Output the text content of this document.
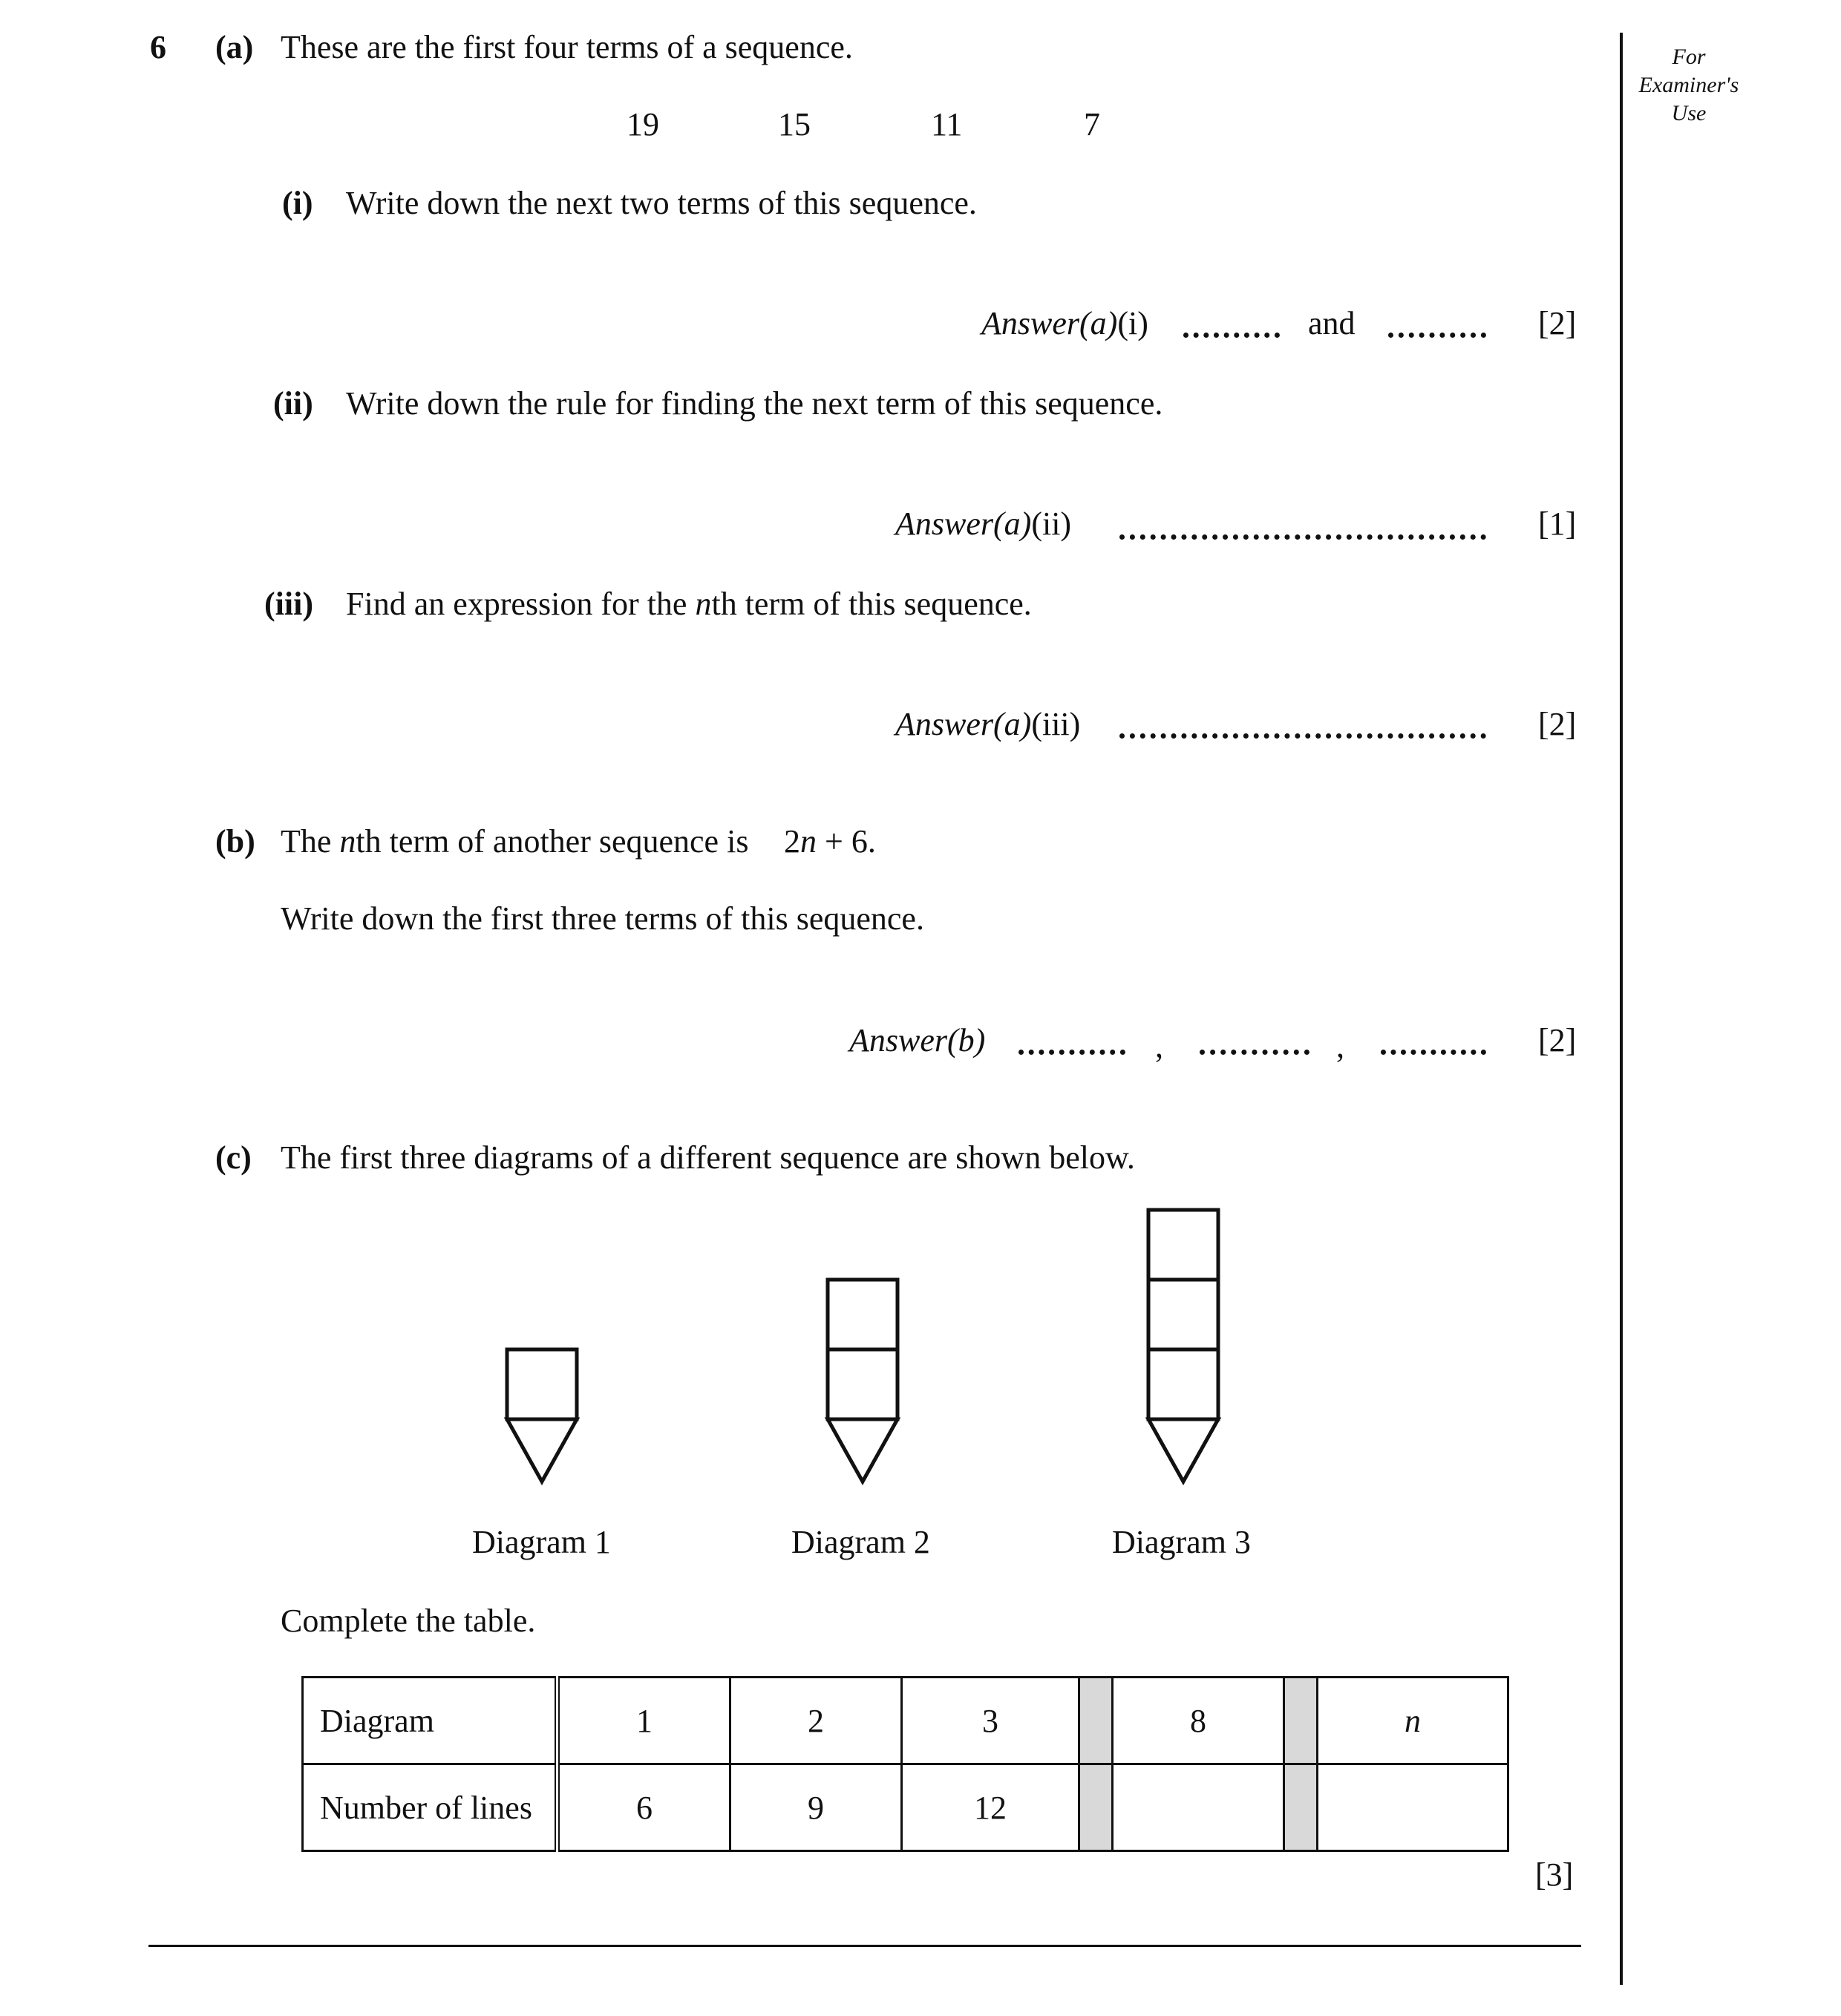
For
Examiner's
Use
6 (a) These are the first four terms of a sequence.
19	15	11	7
(i) Write down the next two terms of this sequence.
Answer(a)(i)	and	[2]
(ii) Write down the rule for finding the next term of this sequence.
Answer(a)(ii)	[1]
(iii) Find an expression for the nth term of this sequence.
Answer(a)(iii)	[2]
(b) The nth term of another sequence is 2n + 6.
Write down the first three terms of this sequence.
Answer(b)	,	,	[2]
(c) The first three diagrams of a different sequence are shown below.
Diagram 1	Diagram 2	Diagram 3
Complete the table.
Diagram	1	2	3		8		n
Number of lines	6	9	12				
[3]
